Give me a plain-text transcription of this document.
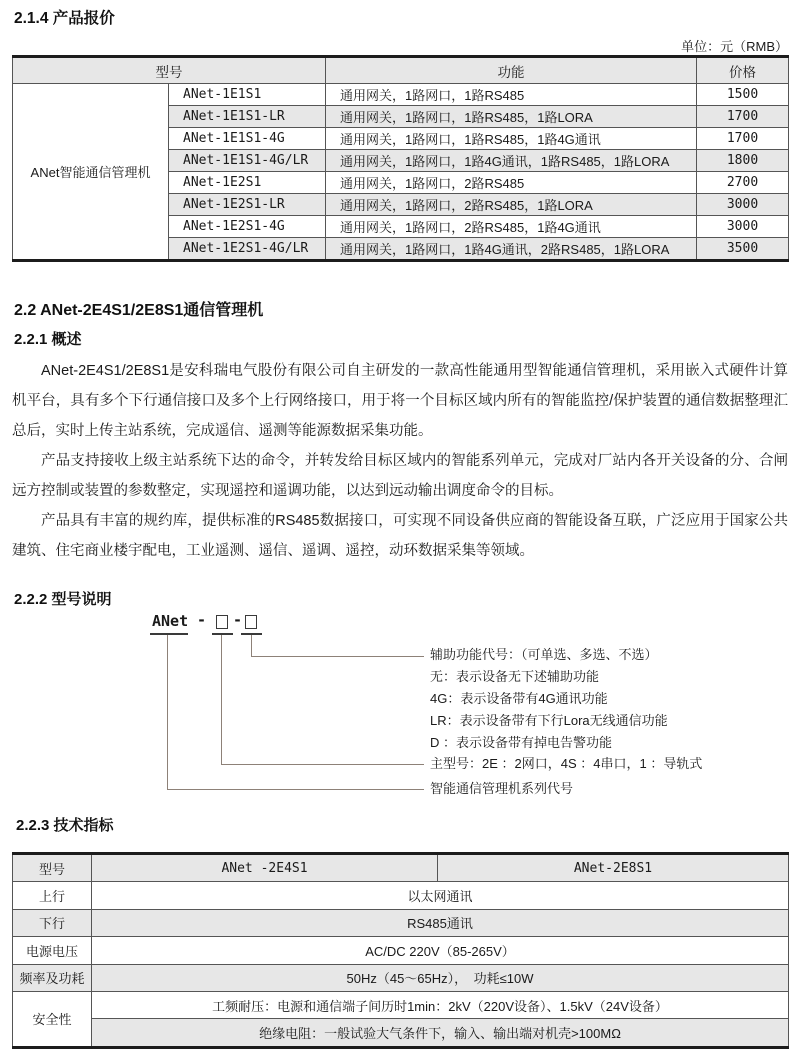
2.1.4 产品报价
单位：元（RMB）
型号		功能	价格
ANet智能通信管理机	ANet-1E1S1	通用网关，1路网口，1路RS485	1500
	ANet-1E1S1-LR	通用网关，1路网口，1路RS485，1路LORA	1700
	ANet-1E1S1-4G	通用网关，1路网口，1路RS485，1路4G通讯	1700
	ANet-1E1S1-4G/LR	通用网关，1路网口，1路4G通讯，1路RS485，1路LORA	1800
	ANet-1E2S1	通用网关，1路网口，2路RS485	2700
	ANet-1E2S1-LR	通用网关，1路网口，2路RS485，1路LORA	3000
	ANet-1E2S1-4G	通用网关，1路网口，2路RS485，1路4G通讯	3000
	ANet-1E2S1-4G/LR	通用网关，1路网口，1路4G通讯，2路RS485，1路LORA	3500
2.2 ANet-2E4S1/2E8S1通信管理机
2.2.1 概述

ANet-2E4S1/2E8S1是安科瑞电气股份有限公司自主研发的一款高性能通用型智能通信管理机，采用嵌入式硬件计算机平台，具有多个下行通信接口及多个上行网络接口，用于将一个目标区域内所有的智能监控/保护装置的通信数据整理汇总后，实时上传主站系统，完成遥信、遥测等能源数据采集功能。

产品支持接收上级主站系统下达的命令，并转发给目标区域内的智能系列单元，完成对厂站内各开关设备的分、合闸远方控制或装置的参数整定，实现遥控和遥调功能，以达到远动输出调度命令的目标。

产品具有丰富的规约库，提供标准的RS485数据接口，可实现不同设备供应商的智能设备互联，广泛应用于国家公共建筑、住宅商业楼宇配电，工业遥测、遥信、遥调、遥控，动环数据采集等领域。

2.2.2 型号说明
ANet - -
辅助功能代号：（可单选、多选、不选）
无：表示设备无下述辅助功能
4G：表示设备带有4G通讯功能
LR：表示设备带有下行Lora无线通信功能
D ：表示设备带有掉电告警功能
主型号：2E ：2网口，4S ：4串口，1 ：导轨式
智能通信管理机系列代号
2.2.3 技术指标
型号	ANet -2E4S1	ANet-2E8S1
上行	以太网通讯	
下行	RS485通讯	
电源电压	AC/DC 220V（85-265V）	
频率及功耗	50Hz（45～65Hz），　功耗≤10W	
安全性	工频耐压：电源和通信端子间历时1min：2kV（220V设备）、1.5kV（24V设备）	
	绝缘电阻：一般试验大气条件下，输入、输出端对机壳>100MΩ	
